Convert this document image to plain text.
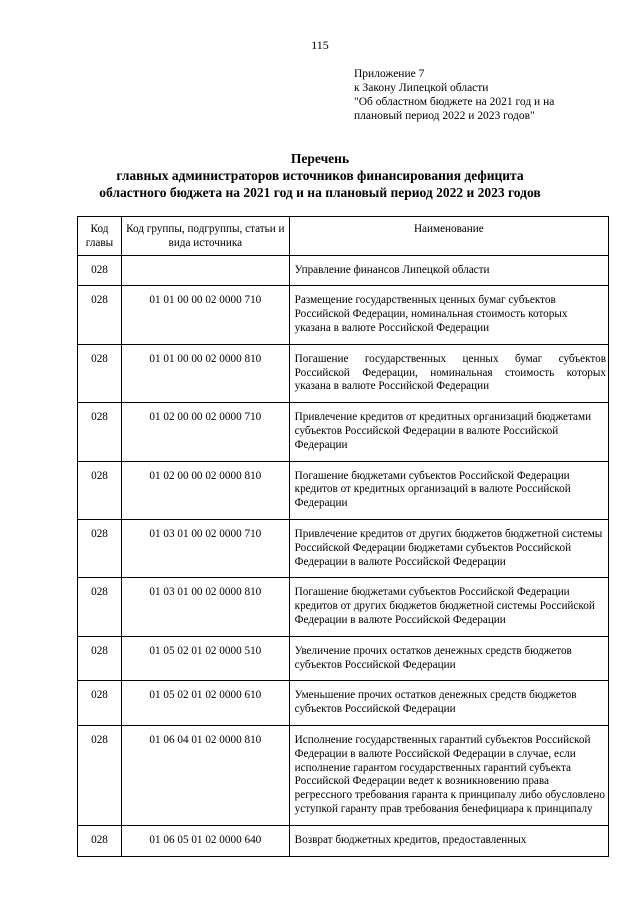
115
Приложение 7
к Закону Липецкой области
"Об областном бюджете на 2021 год и на
плановый период 2022 и 2023 годов"
Перечень
главных администраторов источников финансирования дефицита
областного бюджета на 2021 год и на плановый период 2022 и 2023 годов
Код главы	Код группы, подгруппы, статьи и вида источника	Наименование
028		Управление финансов Липецкой области
028	01 01 00 00 02 0000 710	Размещение государственных ценных бумаг субъектов Российской Федерации, номинальная стоимость которых указана в валюте Российской Федерации
028	01 01 00 00 02 0000 810	Погашение государственных ценных бумаг субъектов Российской Федерации, номинальная стоимость которых указана в валюте Российской Федерации
028	01 02 00 00 02 0000 710	Привлечение кредитов от кредитных организаций бюджетами субъектов Российской Федерации в валюте Российской Федерации
028	01 02 00 00 02 0000 810	Погашение бюджетами субъектов Российской Федерации кредитов от кредитных организаций в валюте Российской Федерации
028	01 03 01 00 02 0000 710	Привлечение кредитов от других бюджетов бюджетной системы Российской Федерации бюджетами субъектов Российской Федерации в валюте Российской Федерации
028	01 03 01 00 02 0000 810	Погашение бюджетами субъектов Российской Федерации кредитов от других бюджетов бюджетной системы Российской Федерации в валюте Российской Федерации
028	01 05 02 01 02 0000 510	Увеличение прочих остатков денежных средств бюджетов субъектов Российской Федерации
028	01 05 02 01 02 0000 610	Уменьшение прочих остатков денежных средств бюджетов субъектов Российской Федерации
028	01 06 04 01 02 0000 810	Исполнение государственных гарантий субъектов Российской Федерации в валюте Российской Федерации в случае, если исполнение гарантом государственных гарантий субъекта Российской Федерации ведет к возникновению права регрессного требования гаранта к принципалу либо обусловлено уступкой гаранту прав требования бенефициара к принципалу
028	01 06 05 01 02 0000 640	Возврат бюджетных кредитов, предоставленных
